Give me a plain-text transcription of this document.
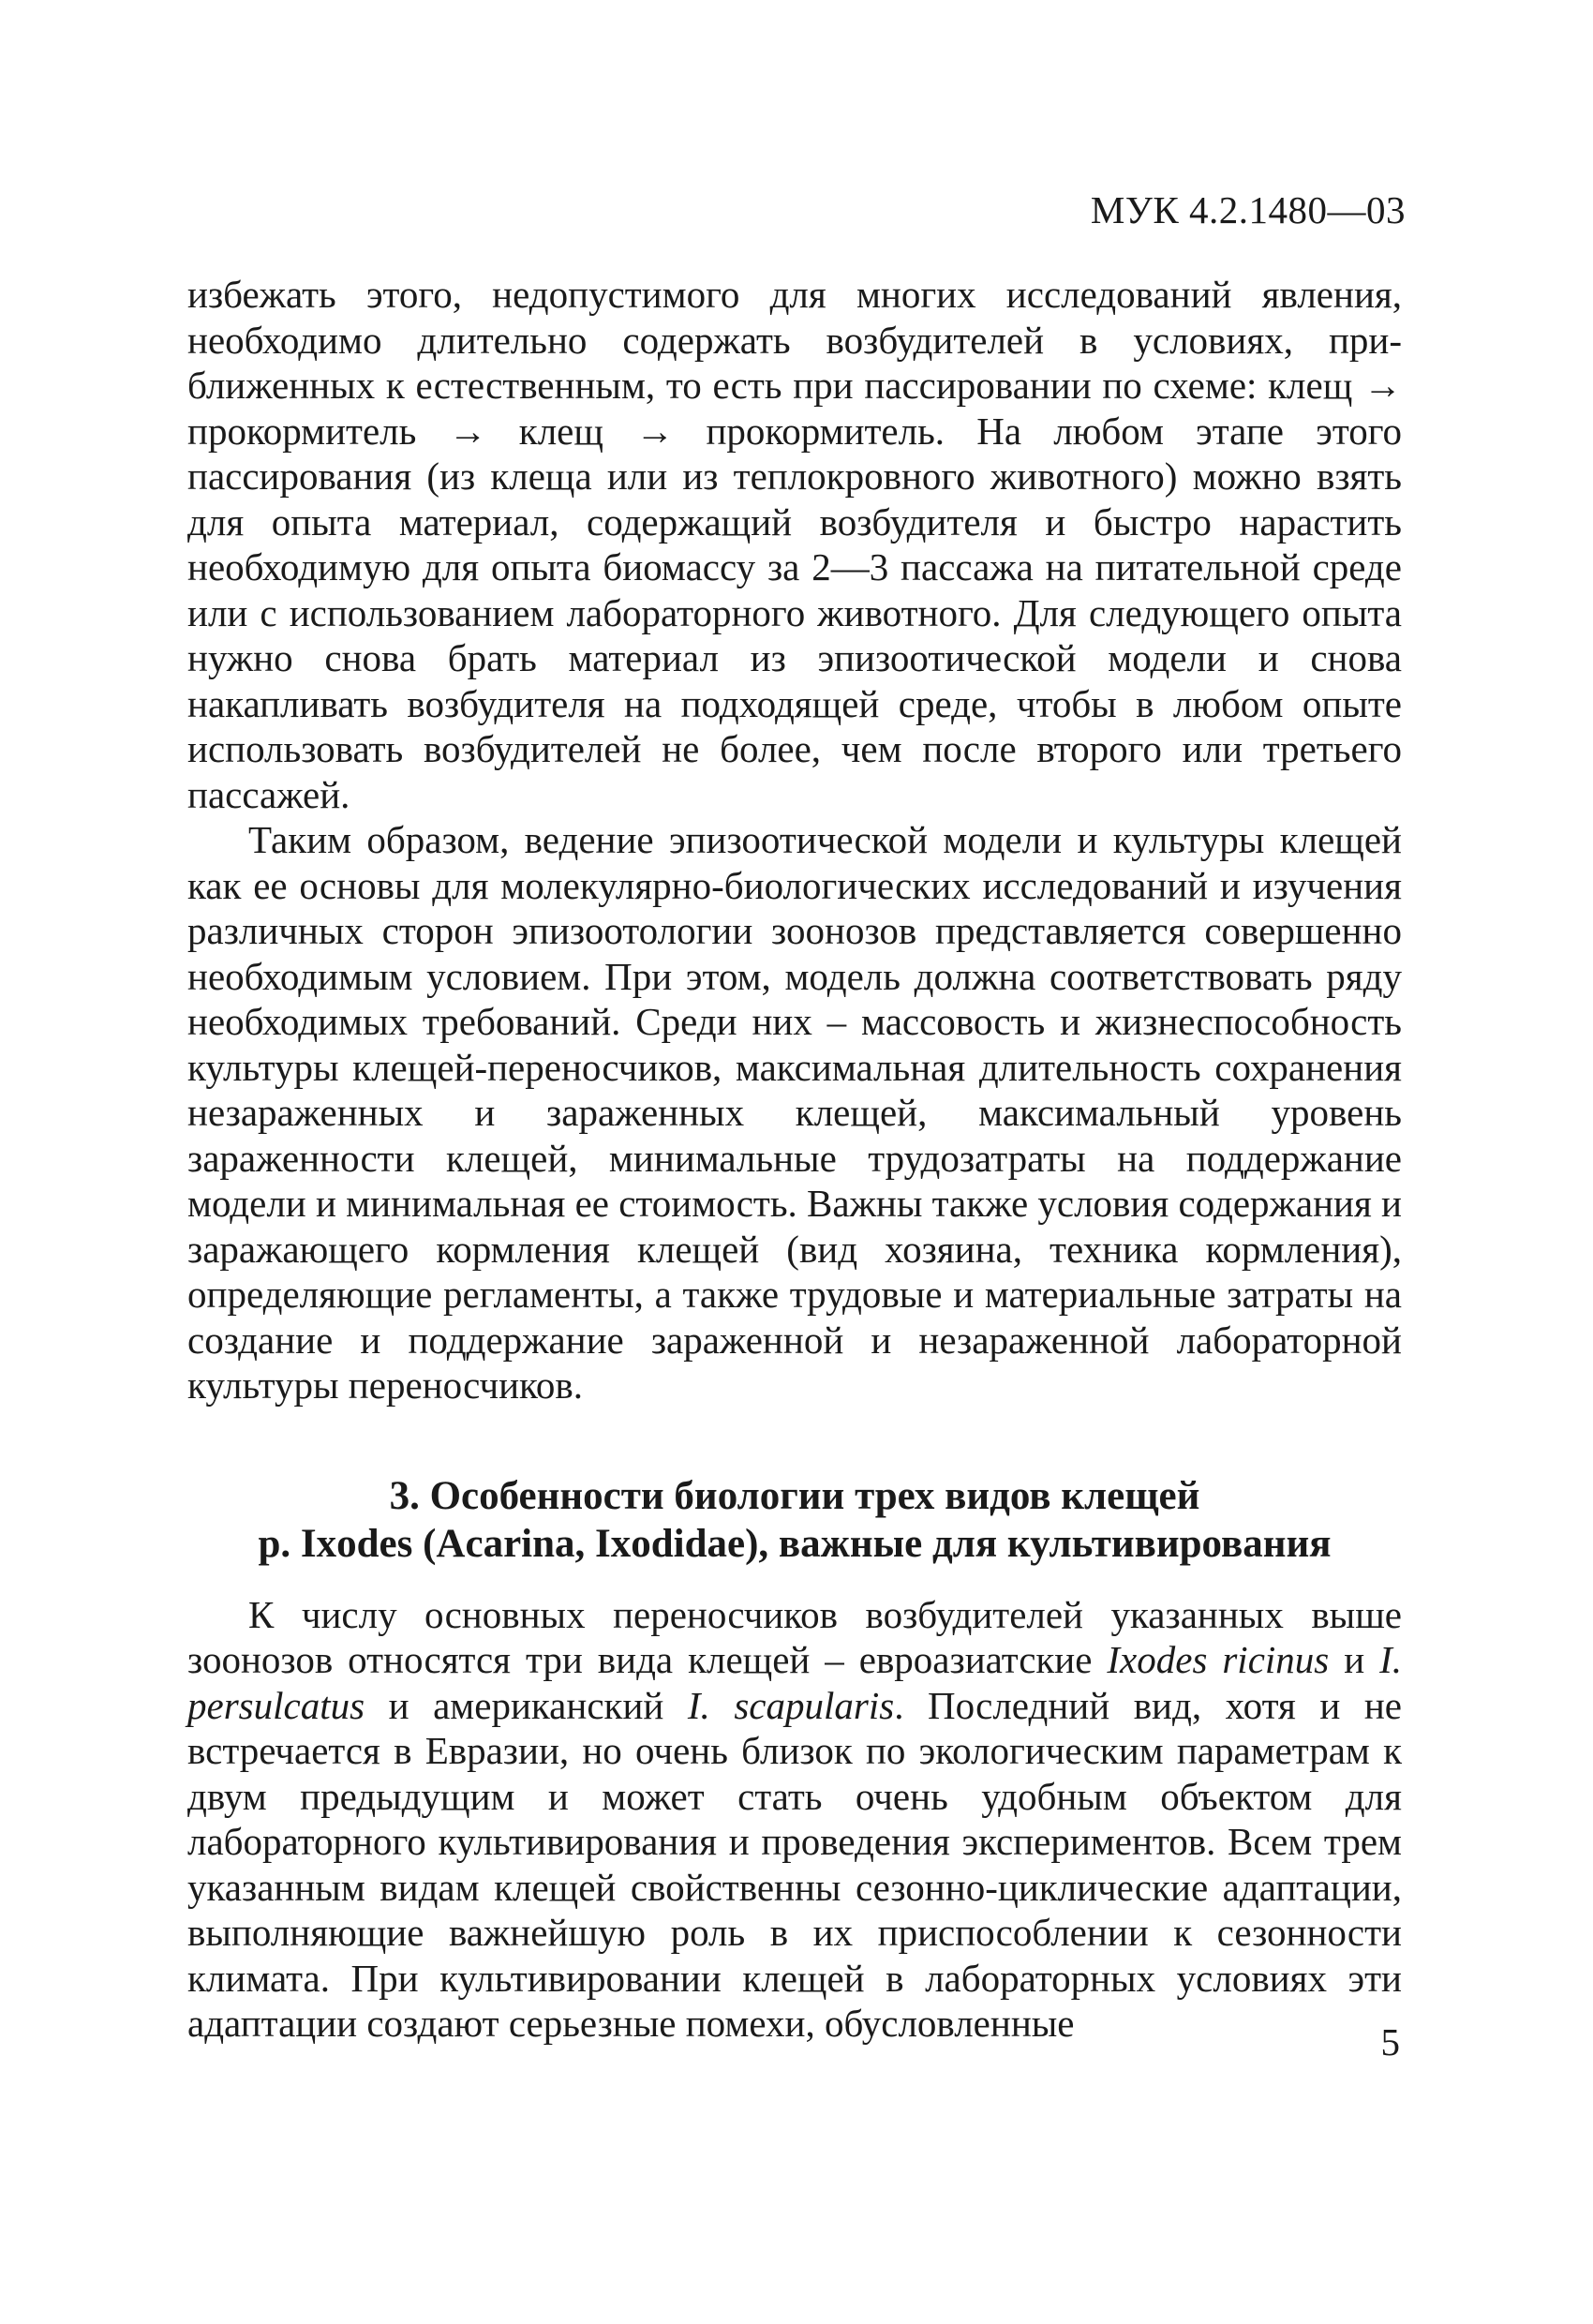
МУК 4.2.1480—03

избежать этого, недопустимого для многих исследований явления, необходимо длительно содержать возбудителей в условиях, приближенных к естественным, то есть при пассировании по схеме: клещ → прокормитель → клещ → прокормитель. На любом этапе этого пассирования (из клеща или из теплокровного животного) можно взять для опыта материал, содержащий возбудителя и быстро нарастить необходимую для опыта биомассу за 2—3 пассажа на питательной среде или с использованием лабораторного животного. Для следующего опыта нужно снова брать материал из эпизоотической модели и снова накапливать возбудителя на подходящей среде, чтобы в любом опыте использовать возбудителей не более, чем после второго или третьего пассажей.

Таким образом, ведение эпизоотической модели и культуры клещей как ее основы для молекулярно-биологических исследований и изучения различных сторон эпизоотологии зоонозов представляется совершенно необходимым условием. При этом, модель должна соответствовать ряду необходимых требований. Среди них – массовость и жизнеспособность культуры клещей-переносчиков, максимальная длительность сохранения незараженных и зараженных клещей, максимальный уровень зараженности клещей, минимальные трудозатраты на поддержание модели и минимальная ее стоимость. Важны также условия содержания и заражающего кормления клещей (вид хозяина, техника кормления), определяющие регламенты, а также трудовые и материальные затраты на создание и поддержание зараженной и незараженной лабораторной культуры переносчиков.

3. Особенности биологии трех видов клещей
р. Ixodes (Acarina, Ixodidae), важные для культивирования

К числу основных переносчиков возбудителей указанных выше зоонозов относятся три вида клещей – евроазиатские Ixodes ricinus и I. persulcatus и американский I. scapularis. Последний вид, хотя и не встречается в Евразии, но очень близок по экологическим параметрам к двум предыдущим и может стать очень удобным объектом для лабораторного культивирования и проведения экспериментов. Всем трем указанным видам клещей свойственны сезонно-циклические адаптации, выполняющие важнейшую роль в их приспособлении к сезонности климата. При культивировании клещей в лабораторных условиях эти адаптации создают серьезные помехи, обусловленные	5
